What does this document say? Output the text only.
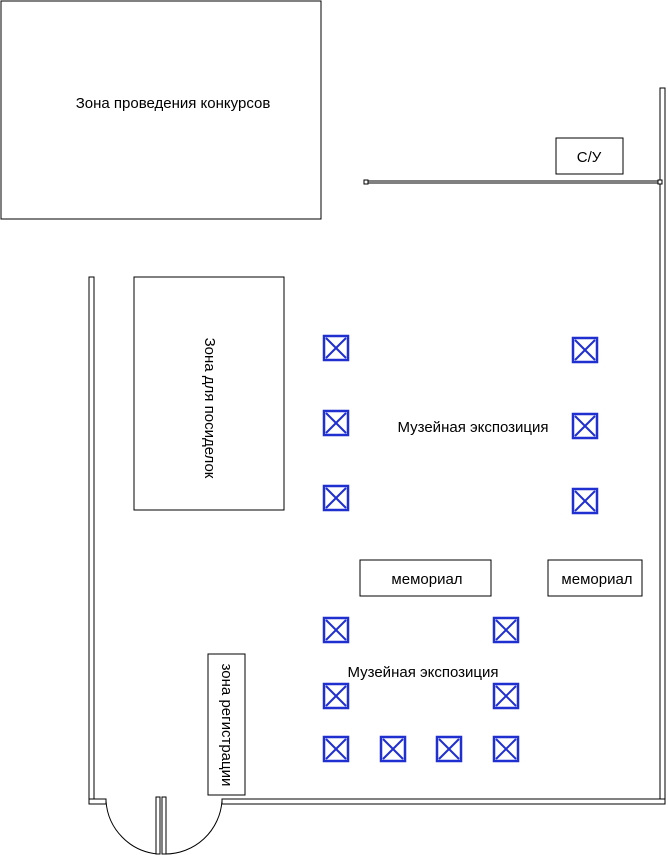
Зона проведения конкурсов
С/У
Зона для посиделок	Музейная экспозиция
Музейная экспозиция
мемориал	мемориал
зона регистрации
